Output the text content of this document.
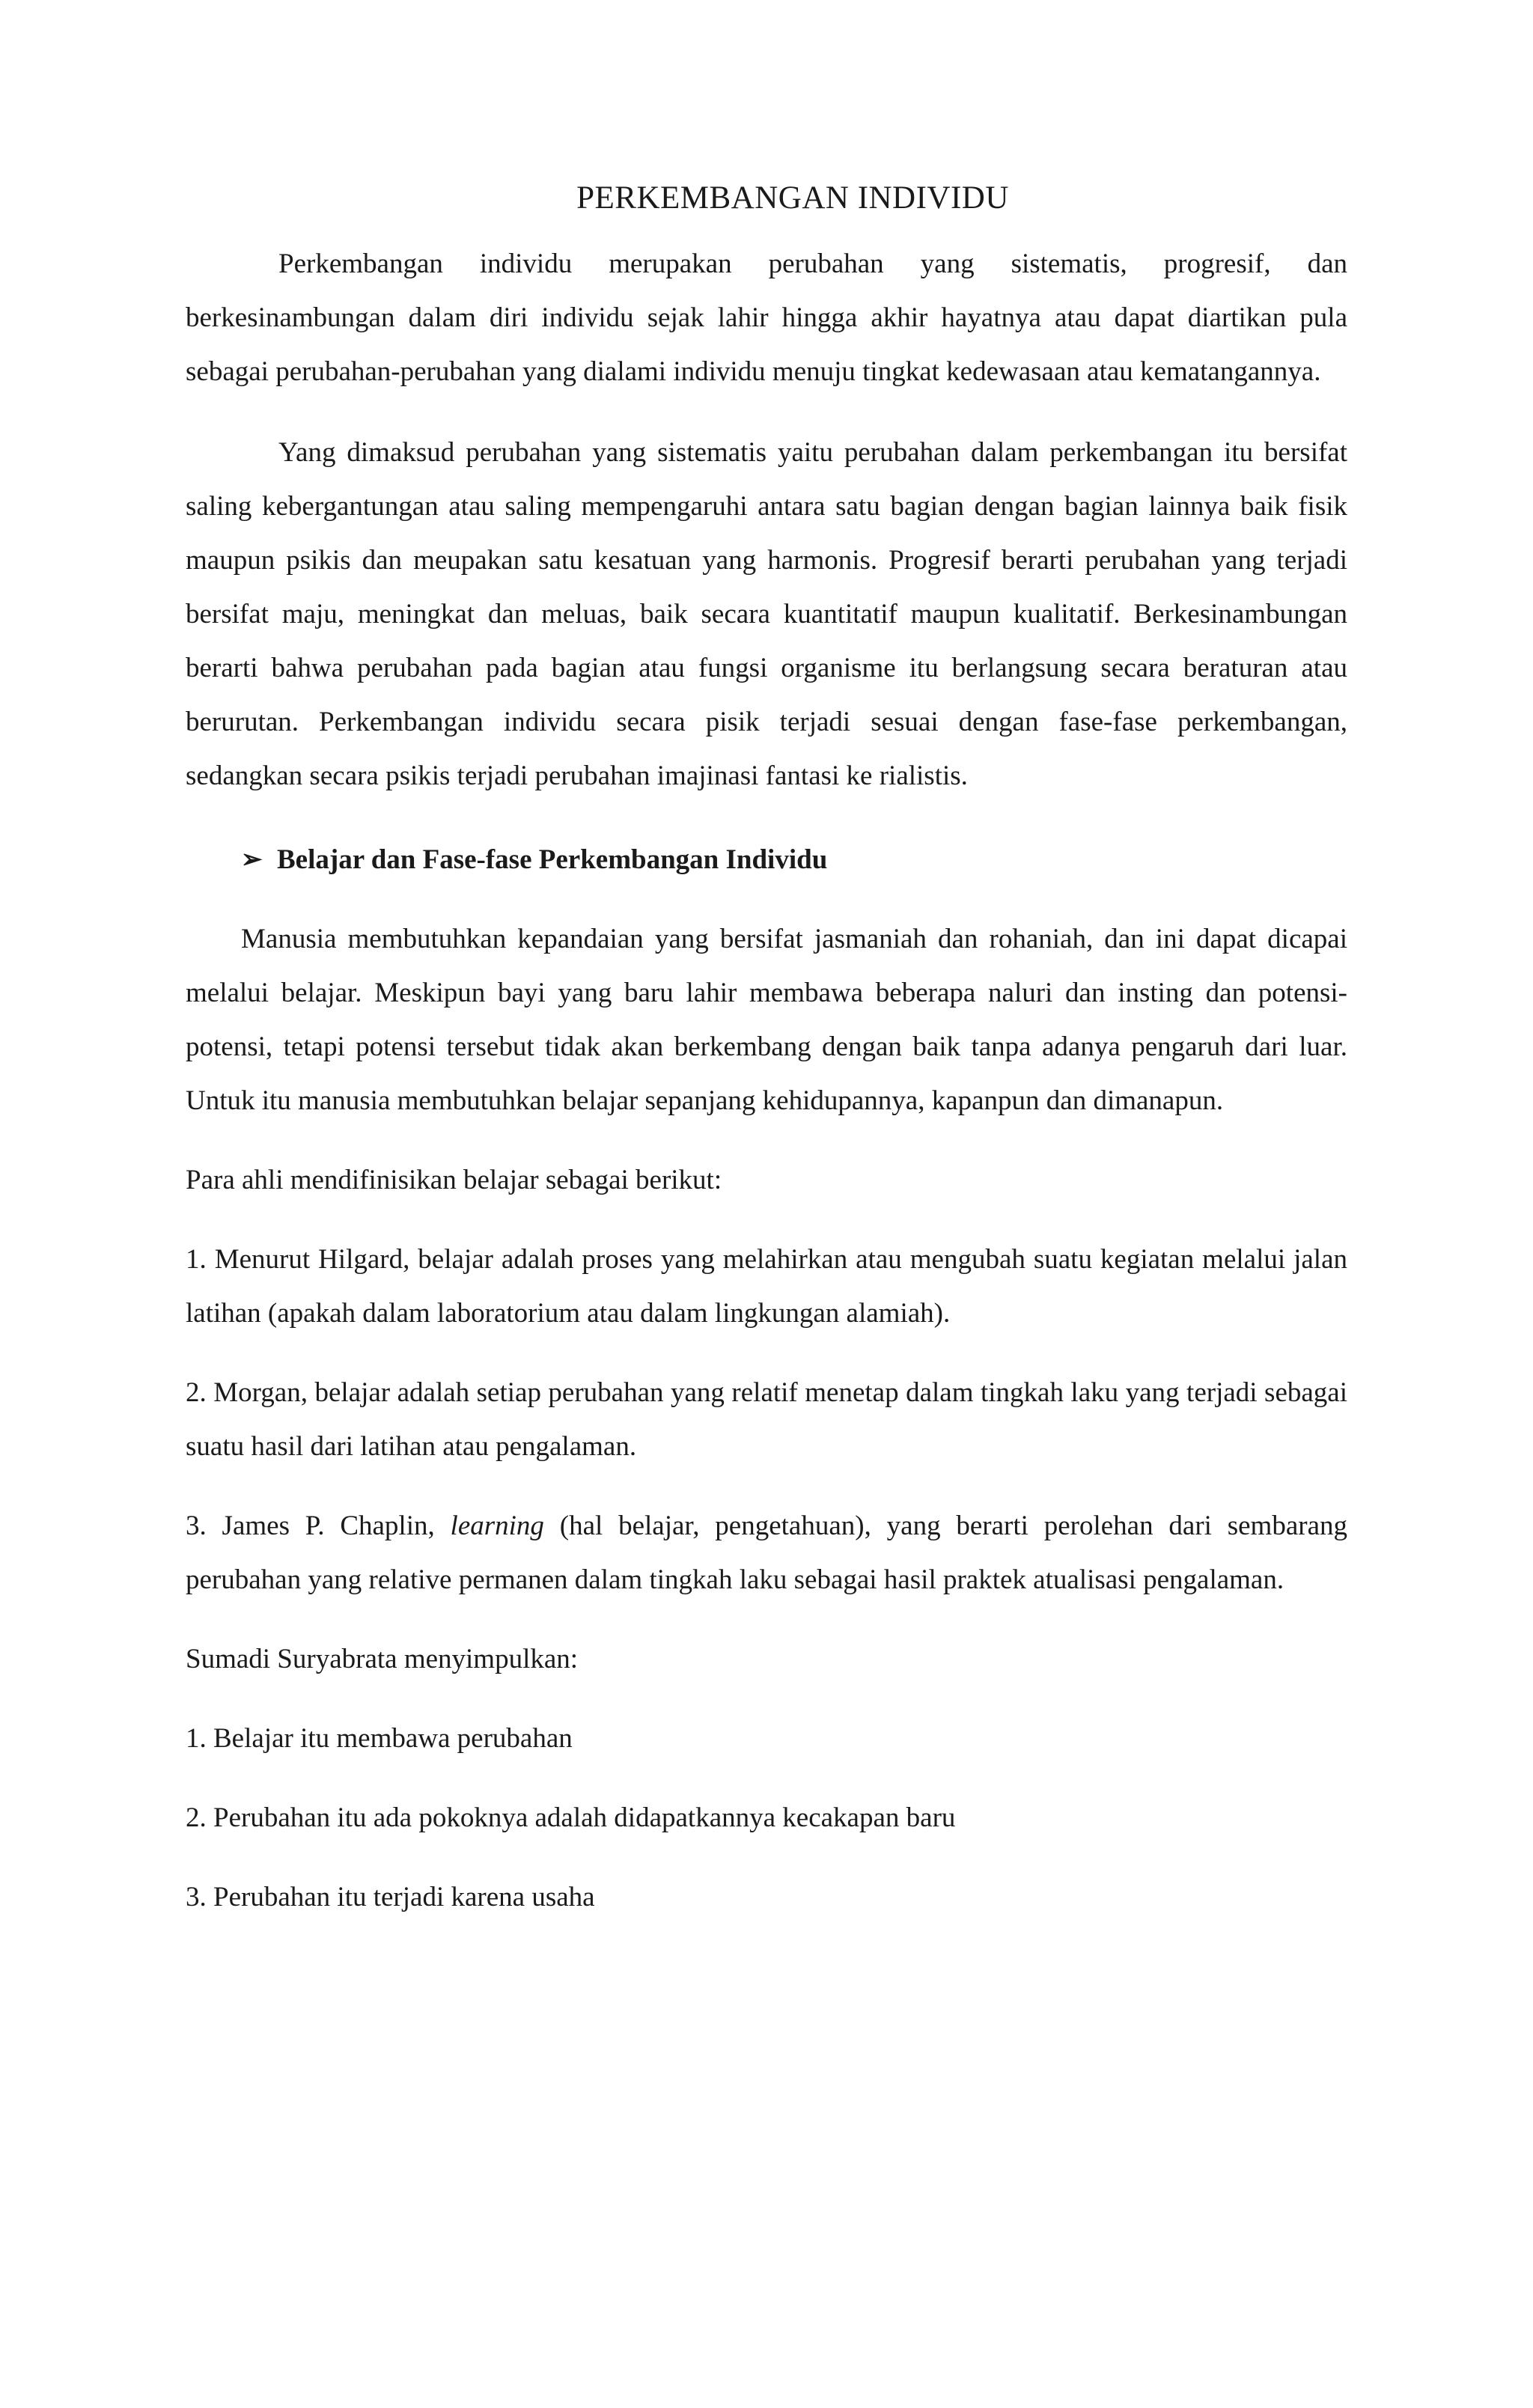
PERKEMBANGAN INDIVIDU

Perkembangan individu merupakan perubahan yang sistematis, progresif, dan berkesinambungan dalam diri individu sejak lahir hingga akhir hayatnya atau dapat diartikan pula sebagai perubahan-perubahan yang dialami individu menuju tingkat kedewasaan atau kematangannya.

Yang dimaksud perubahan yang sistematis yaitu perubahan dalam perkembangan itu bersifat saling kebergantungan atau saling mempengaruhi antara satu bagian dengan bagian lainnya baik fisik maupun psikis dan meupakan satu kesatuan yang harmonis. Progresif berarti perubahan yang terjadi bersifat maju, meningkat dan meluas, baik secara kuantitatif maupun kualitatif. Berkesinambungan berarti bahwa perubahan pada bagian atau fungsi organisme itu berlangsung secara beraturan atau berurutan. Perkembangan individu secara pisik terjadi sesuai dengan fase-fase perkembangan, sedangkan secara psikis terjadi perubahan imajinasi fantasi ke rialistis.

➢ Belajar dan Fase-fase Perkembangan Individu

Manusia membutuhkan kepandaian yang bersifat jasmaniah dan rohaniah, dan ini dapat dicapai melalui belajar. Meskipun bayi yang baru lahir membawa beberapa naluri dan insting dan potensi-potensi, tetapi potensi tersebut tidak akan berkembang dengan baik tanpa adanya pengaruh dari luar. Untuk itu manusia membutuhkan belajar sepanjang kehidupannya, kapanpun dan dimanapun.

Para ahli mendifinisikan belajar sebagai berikut:

1. Menurut Hilgard, belajar adalah proses yang melahirkan atau mengubah suatu kegiatan melalui jalan latihan (apakah dalam laboratorium atau dalam lingkungan alamiah).

2. Morgan, belajar adalah setiap perubahan yang relatif menetap dalam tingkah laku yang terjadi sebagai suatu hasil dari latihan atau pengalaman.

3. James P. Chaplin, learning (hal belajar, pengetahuan), yang berarti perolehan dari sembarang perubahan yang relative permanen dalam tingkah laku sebagai hasil praktek atualisasi pengalaman.

Sumadi Suryabrata menyimpulkan:

1. Belajar itu membawa perubahan

2. Perubahan itu ada pokoknya adalah didapatkannya kecakapan baru

3. Perubahan itu terjadi karena usaha
